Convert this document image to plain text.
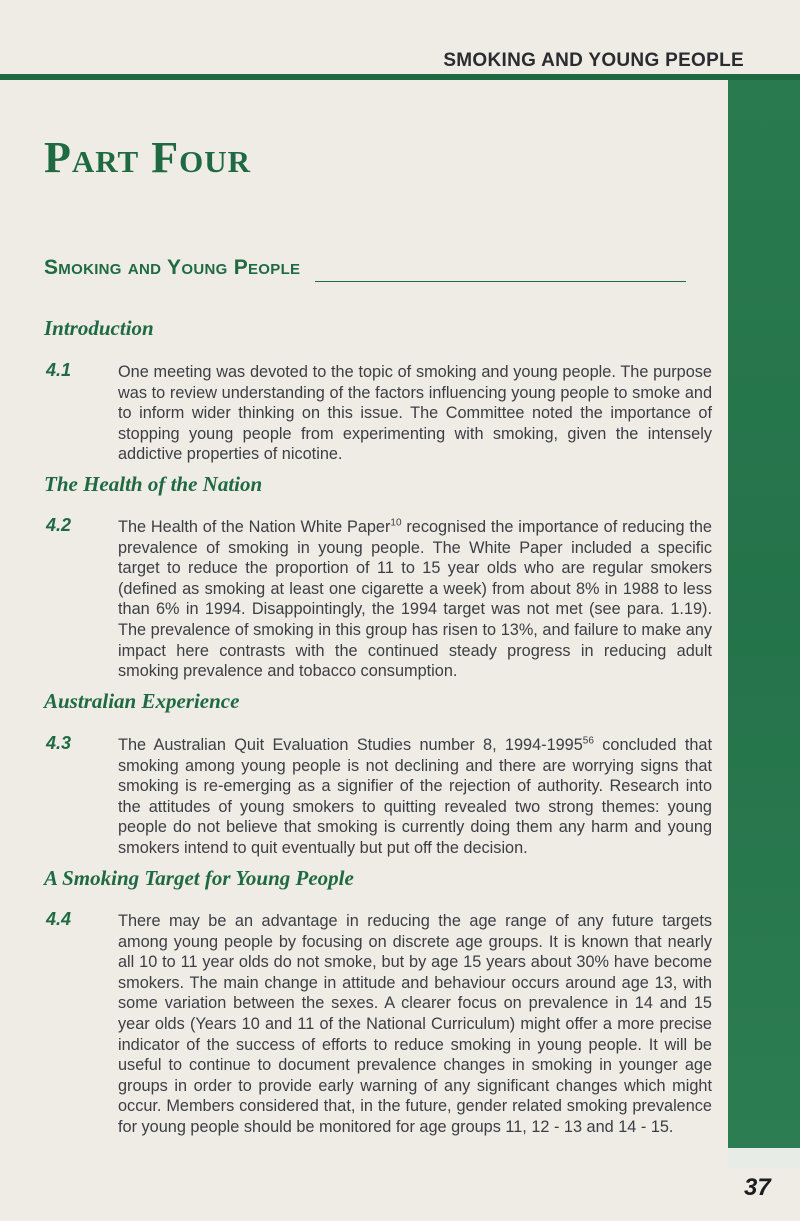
SMOKING AND YOUNG PEOPLE
Part Four
Smoking and Young People
Introduction
4.1	One meeting was devoted to the topic of smoking and young people. The purpose was to review understanding of the factors influencing young people to smoke and to inform wider thinking on this issue. The Committee noted the importance of stopping young people from experimenting with smoking, given the intensely addictive properties of nicotine.
The Health of the Nation
4.2	The Health of the Nation White Paper$^{10}$ recognised the importance of reducing the prevalence of smoking in young people. The White Paper included a specific target to reduce the proportion of 11 to 15 year olds who are regular smokers (defined as smoking at least one cigarette a week) from about 8% in 1988 to less than 6% in 1994. Disappointingly, the 1994 target was not met (see para. 1.19). The prevalence of smoking in this group has risen to 13%, and failure to make any impact here contrasts with the continued steady progress in reducing adult smoking prevalence and tobacco consumption.
Australian Experience
4.3	The Australian Quit Evaluation Studies number 8, 1994-1995$^{56}$ concluded that smoking among young people is not declining and there are worrying signs that smoking is re-emerging as a signifier of the rejection of authority. Research into the attitudes of young smokers to quitting revealed two strong themes: young people do not believe that smoking is currently doing them any harm and young smokers intend to quit eventually but put off the decision.
A Smoking Target for Young People
4.4	There may be an advantage in reducing the age range of any future targets among young people by focusing on discrete age groups. It is known that nearly all 10 to 11 year olds do not smoke, but by age 15 years about 30% have become smokers. The main change in attitude and behaviour occurs around age 13, with some variation between the sexes. A clearer focus on prevalence in 14 and 15 year olds (Years 10 and 11 of the National Curriculum) might offer a more precise indicator of the success of efforts to reduce smoking in young people. It will be useful to continue to document prevalence changes in smoking in younger age groups in order to provide early warning of any significant changes which might occur. Members considered that, in the future, gender related smoking prevalence for young people should be monitored for age groups 11, 12 - 13 and 14 - 15.
37
